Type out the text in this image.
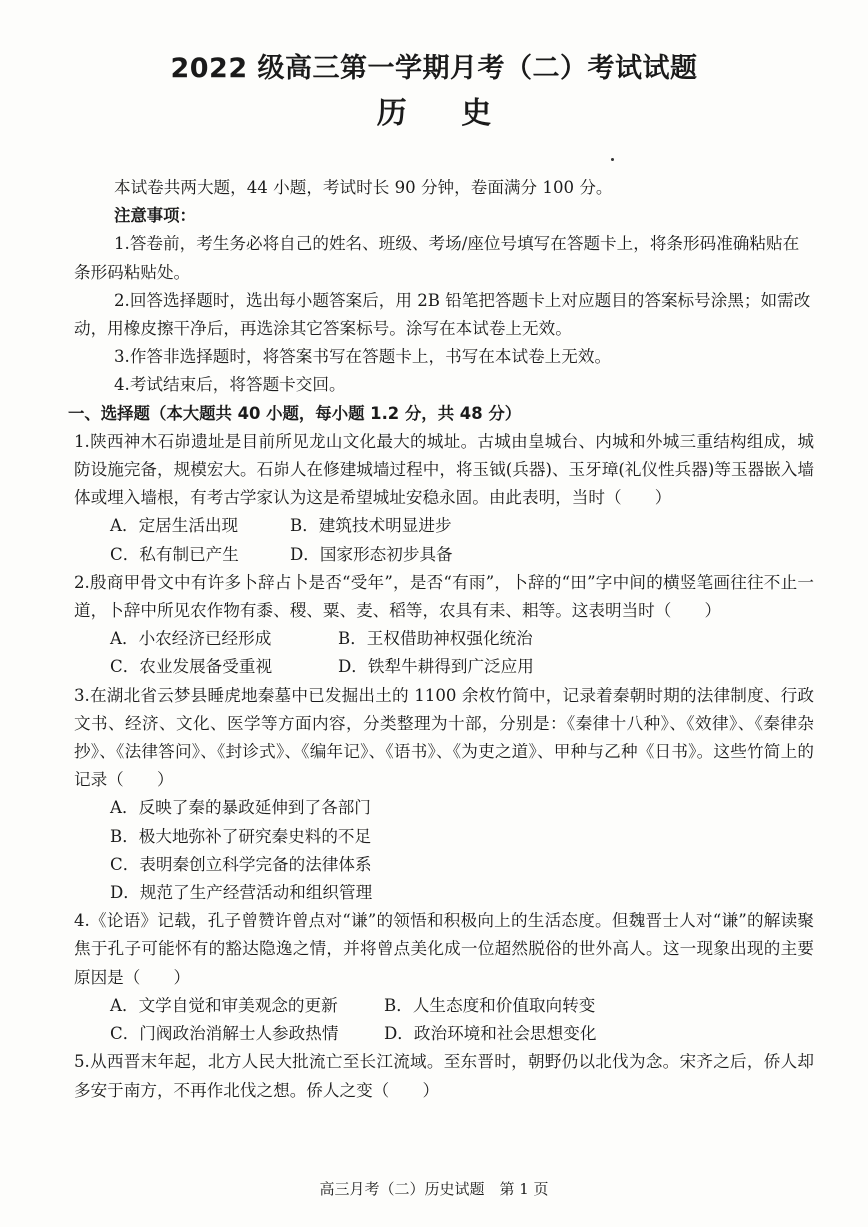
2022 级高三第一学期月考（二）考试试题
历 史

本试卷共两大题，44 小题，考试时长 90 分钟，卷面满分 100 分。

注意事项：

1.答卷前，考生务必将自己的姓名、班级、考场/座位号填写在答题卡上，将条形码准确粘贴在条形码粘贴处。

2.回答选择题时，选出每小题答案后，用 2B 铅笔把答题卡上对应题目的答案标号涂黑；如需改动，用橡皮擦干净后，再选涂其它答案标号。涂写在本试卷上无效。

3.作答非选择题时，将答案书写在答题卡上，书写在本试卷上无效。

4.考试结束后，将答题卡交回。

一、选择题（本大题共 40 小题，每小题 1.2 分，共 48 分）

1.陕西神木石峁遗址是目前所见龙山文化最大的城址。古城由皇城台、内城和外城三重结构组成，城防设施完备，规模宏大。石峁人在修建城墙过程中，将玉钺(兵器)、玉牙璋(礼仪性兵器)等玉器嵌入墙体或埋入墙根，有考古学家认为这是希望城址安稳永固。由此表明，当时（　　）

A．定居生活出现	B．建筑技术明显进步
C．私有制已产生	D．国家形态初步具备

2.殷商甲骨文中有许多卜辞占卜是否“受年”，是否“有雨”，卜辞的“田”字中间的横竖笔画往往不止一道，卜辞中所见农作物有黍、稷、粟、麦、稻等，农具有耒、耜等。这表明当时（　　）

A．小农经济已经形成	B．王权借助神权强化统治
C．农业发展备受重视	D．铁犁牛耕得到广泛应用

3.在湖北省云梦县睡虎地秦墓中已发掘出土的 1100 余枚竹简中，记录着秦朝时期的法律制度、行政文书、经济、文化、医学等方面内容，分类整理为十部，分别是：《秦律十八种》、《效律》、《秦律杂抄》、《法律答问》、《封诊式》、《编年记》、《语书》、《为吏之道》、甲种与乙种《日书》。这些竹简上的记录（　　）

A．反映了秦的暴政延伸到了各部门
B．极大地弥补了研究秦史料的不足
C．表明秦创立科学完备的法律体系
D．规范了生产经营活动和组织管理

4.《论语》记载，孔子曾赞许曾点对“谦”的领悟和积极向上的生活态度。但魏晋士人对“谦”的解读聚焦于孔子可能怀有的豁达隐逸之情，并将曾点美化成一位超然脱俗的世外高人。这一现象出现的主要原因是（　　）

A．文学自觉和审美观念的更新	B．人生态度和价值取向转变
C．门阀政治消解士人参政热情	D．政治环境和社会思想变化

5.从西晋末年起，北方人民大批流亡至长江流域。至东晋时，朝野仍以北伐为念。宋齐之后，侨人却多安于南方，不再作北伐之想。侨人之变（　　）

高三月考（二）历史试题　第 1 页
